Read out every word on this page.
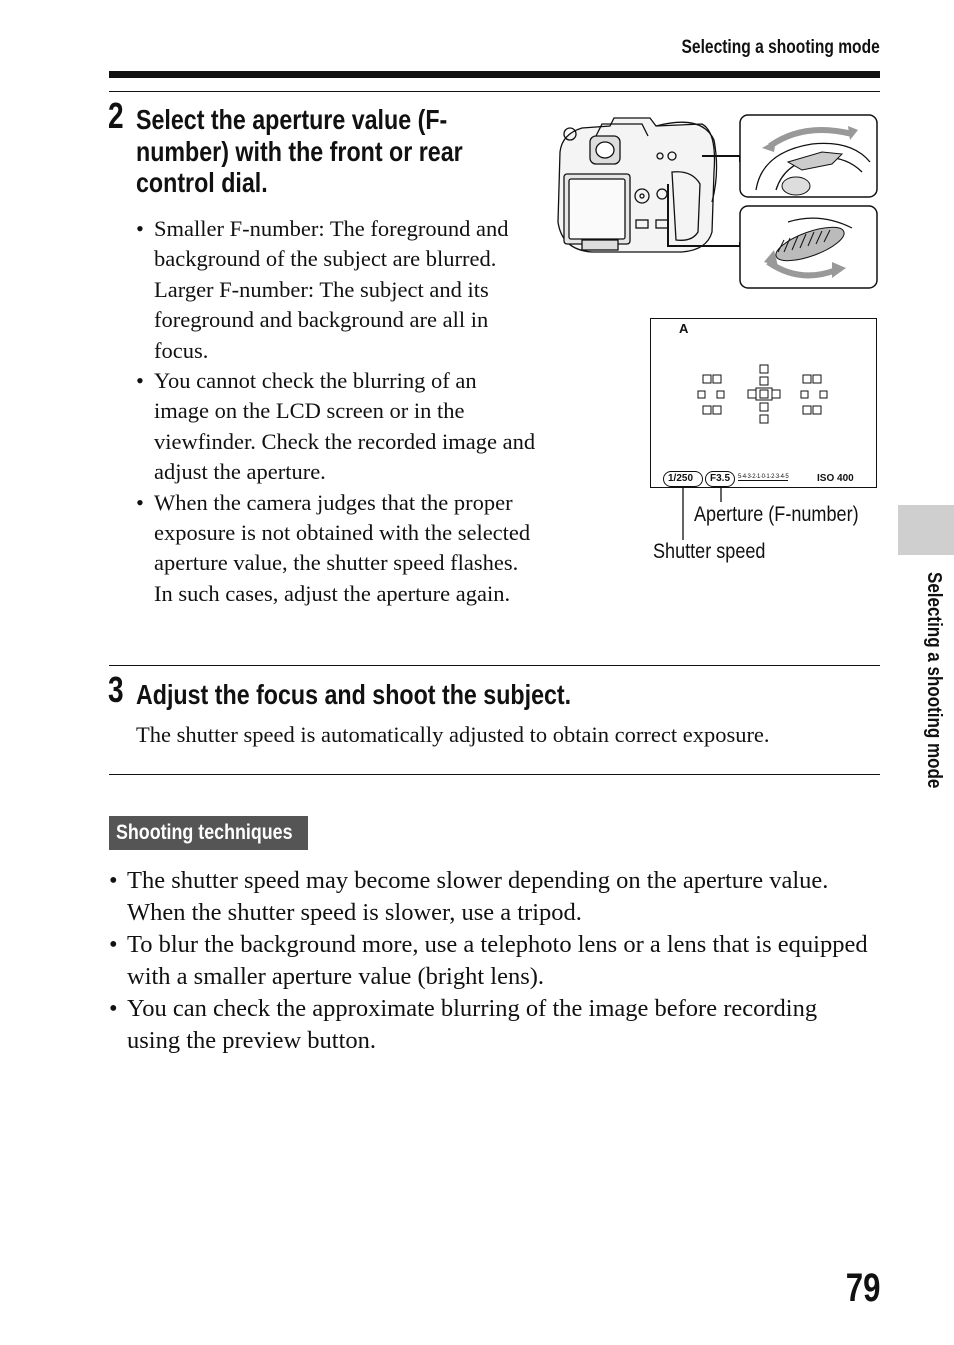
Selecting a shooting mode
2 Select the aperture value (F-

number) with the front or rear

control dial.
• Smaller F-number: The foreground and background of the subject are blurred. Larger F-number: The subject and its foreground and background are all in focus.
• You cannot check the blurring of an image on the LCD screen or in the viewfinder. Check the recorded image and adjust the aperture.
• When the camera judges that the proper exposure is not obtained with the selected aperture value, the shutter speed flashes. In such cases, adjust the aperture again.
A
1/250 F3.5 5·4·3·2·1·0·1·2·3·4·5	ISO 400
Aperture (F-number)
Shutter speed
3 Adjust the focus and shoot the subject.
The shutter speed is automatically adjusted to obtain correct exposure.
Shooting techniques
• The shutter speed may become slower depending on the aperture value. When the shutter speed is slower, use a tripod.
• To blur the background more, use a telephoto lens or a lens that is equipped with a smaller aperture value (bright lens).
• You can check the approximate blurring of the image before recording using the preview button.
Selecting a shooting mode
79
